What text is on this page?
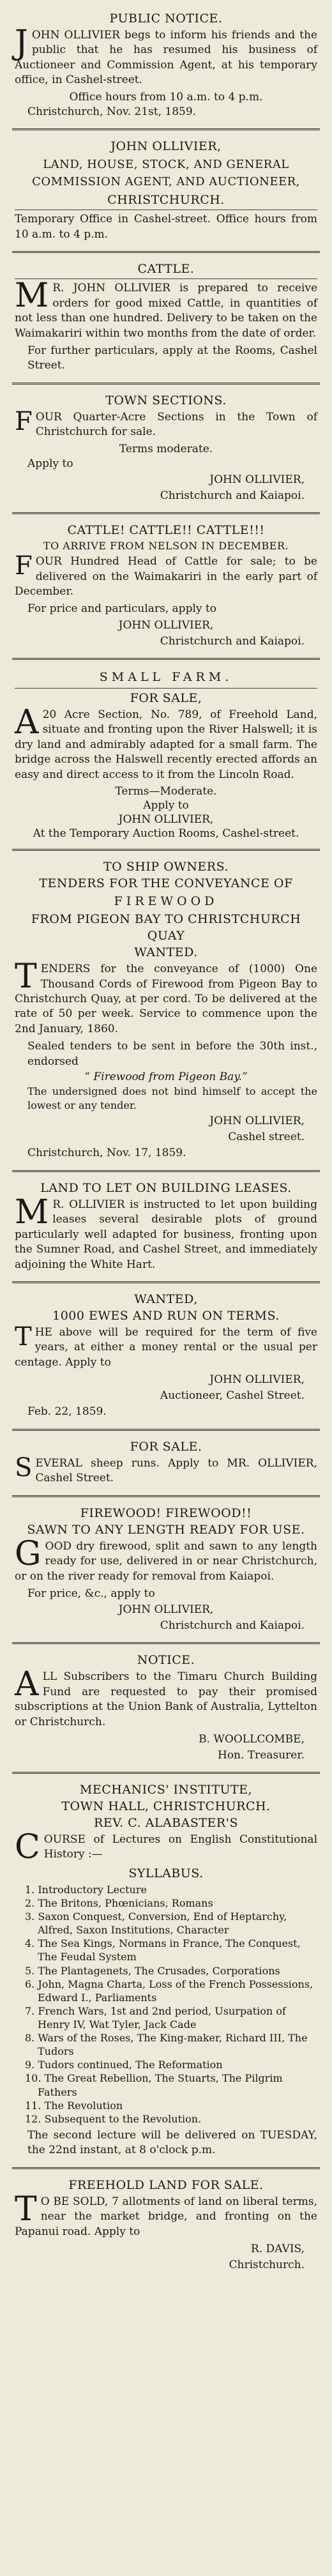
PUBLIC NOTICE.
J OHN OLLIVIER begs to inform his friends and the public that he has resumed his business of Auctioneer and Commission Agent, at his temporary office, in Cashel-street.
Office hours from 10 a.m. to 4 p.m.
Christchurch, Nov. 21st, 1859.
JOHN OLLIVIER,
LAND, HOUSE, STOCK, AND GENERAL COMMISSION AGENT, AND AUCTIONEER,
CHRISTCHURCH.
Temporary Office in Cashel-street. Office hours from 10 a.m. to 4 p.m.
CATTLE.
M R. JOHN OLLIVIER is prepared to receive orders for good mixed Cattle, in quantities of not less than one hundred. Delivery to be taken on the Waimakariri within two months from the date of order.
For further particulars, apply at the Rooms, Cashel Street.
TOWN SECTIONS.
F OUR Quarter-Acre Sections in the Town of Christchurch for sale.
Terms moderate.
Apply to
JOHN OLLIVIER,
Christchurch and Kaiapoi.
CATTLE! CATTLE!! CATTLE!!!
TO ARRIVE FROM NELSON IN DECEMBER.
F OUR Hundred Head of Cattle for sale; to be delivered on the Waimakariri in the early part of December.
For price and particulars, apply to
JOHN OLLIVIER,
Christchurch and Kaiapoi.
SMALL FARM.
FOR SALE,
A 20 Acre Section, No. 789, of Freehold Land, situate and fronting upon the River Halswell; it is dry land and admirably adapted for a small farm. The bridge across the Halswell recently erected affords an easy and direct access to it from the Lincoln Road.
Terms—Moderate.
Apply to
JOHN OLLIVIER,
At the Temporary Auction Rooms, Cashel-street.
TO SHIP OWNERS.
TENDERS FOR THE CONVEYANCE OF
FIREWOOD
FROM PIGEON BAY TO CHRISTCHURCH
QUAY
WANTED.
T ENDERS for the conveyance of (1000) One Thousand Cords of Firewood from Pigeon Bay to Christchurch Quay, at per cord. To be delivered at the rate of 50 per week. Service to commence upon the 2nd January, 1860.
Sealed tenders to be sent in before the 30th inst., endorsed
“ Firewood from Pigeon Bay.”
The undersigned does not bind himself to accept the lowest or any tender.
JOHN OLLIVIER,
Cashel street.
Christchurch, Nov. 17, 1859.
LAND TO LET ON BUILDING LEASES.
M R. OLLIVIER is instructed to let upon building leases several desirable plots of ground particularly well adapted for business, fronting upon the Sumner Road, and Cashel Street, and immediately adjoining the White Hart.
WANTED,
1000 EWES AND RUN ON TERMS.
T HE above will be required for the term of five years, at either a money rental or the usual per centage. Apply to
JOHN OLLIVIER,
Auctioneer, Cashel Street.
Feb. 22, 1859.
FOR SALE.
S EVERAL sheep runs. Apply to MR. OLLIVIER, Cashel Street.
FIREWOOD! FIREWOOD!!
SAWN TO ANY LENGTH READY FOR USE.
G OOD dry firewood, split and sawn to any length ready for use, delivered in or near Christchurch, or on the river ready for removal from Kaiapoi.
For price, &c., apply to
JOHN OLLIVIER,
Christchurch and Kaiapoi.
NOTICE.
A LL Subscribers to the Timaru Church Building Fund are requested to pay their promised subscriptions at the Union Bank of Australia, Lyttelton or Christchurch.
B. WOOLLCOMBE,
Hon. Treasurer.
MECHANICS' INSTITUTE,
TOWN HALL, CHRISTCHURCH.
REV. C. ALABASTER'S
C OURSE of Lectures on English Constitutional History :—
SYLLABUS.
1. Introductory Lecture
2. The Britons, Phœnicians, Romans
3. Saxon Conquest, Conversion, End of Heptarchy, Alfred, Saxon Institutions, Character
4. The Sea Kings, Normans in France, The Conquest, The Feudal System
5. The Plantagenets, The Crusades, Corporations
6. John, Magna Charta, Loss of the French Possessions, Edward I., Parliaments
7. French Wars, 1st and 2nd period, Usurpation of Henry IV, Wat Tyler, Jack Cade
8. Wars of the Roses, The King-maker, Richard III, The Tudors
9. Tudors continued, The Reformation
10. The Great Rebellion, The Stuarts, The Pilgrim Fathers
11. The Revolution
12. Subsequent to the Revolution.
The second lecture will be delivered on TUESDAY, the 22nd instant, at 8 o'clock p.m.
FREEHOLD LAND FOR SALE.
T O BE SOLD, 7 allotments of land on liberal terms, near the market bridge, and fronting on the Papanui road. Apply to
R. DAVIS,
Christchurch.
